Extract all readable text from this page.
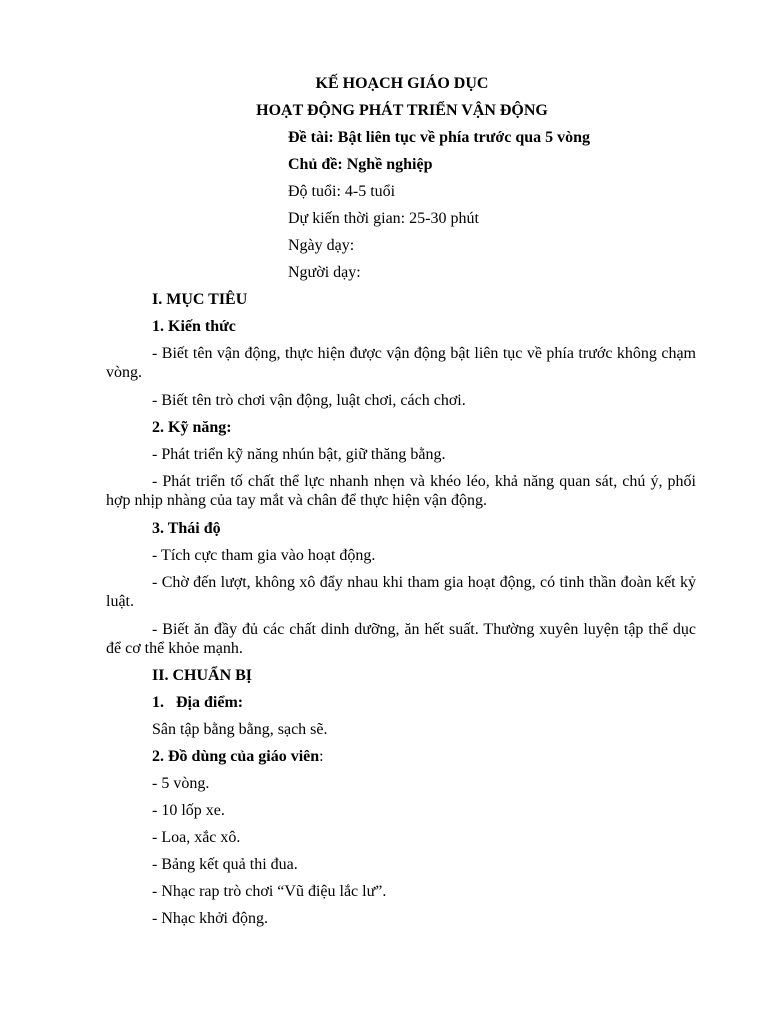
KẾ HOẠCH GIÁO DỤC
HOẠT ĐỘNG PHÁT TRIỂN VẬN ĐỘNG
Đề tài: Bật liên tục về phía trước qua 5 vòng
Chủ đề: Nghề nghiệp
Độ tuổi: 4-5 tuổi
Dự kiến thời gian: 25-30 phút
Ngày dạy:
Người dạy:
I. MỤC TIÊU
1. Kiến thức
- Biết tên vận động, thực hiện được vận động bật liên tục về phía trước không chạm vòng.
- Biết tên trò chơi vận động, luật chơi, cách chơi.
2. Kỹ năng:
- Phát triển kỹ năng nhún bật, giữ thăng bằng.
- Phát triển tố chất thể lực nhanh nhẹn và khéo léo, khả năng quan sát, chú ý, phối hợp nhịp nhàng của tay mắt và chân để thực hiện vận động.
3. Thái độ
- Tích cực tham gia vào hoạt động.
- Chờ đến lượt, không xô đẩy nhau khi tham gia hoạt động, có tinh thần đoàn kết kỷ luật.
- Biết ăn đầy đủ các chất dinh dưỡng, ăn hết suất. Thường xuyên luyện tập thể dục để cơ thể khỏe mạnh.
II. CHUẨN BỊ
1.   Địa điểm:
Sân tập bằng bằng, sạch sẽ.
2. Đồ dùng của giáo viên:
- 5 vòng.
- 10 lốp xe.
- Loa, xắc xô.
- Bảng kết quả thi đua.
- Nhạc rap trò chơi “Vũ điệu lắc lư”.
- Nhạc khởi động.
